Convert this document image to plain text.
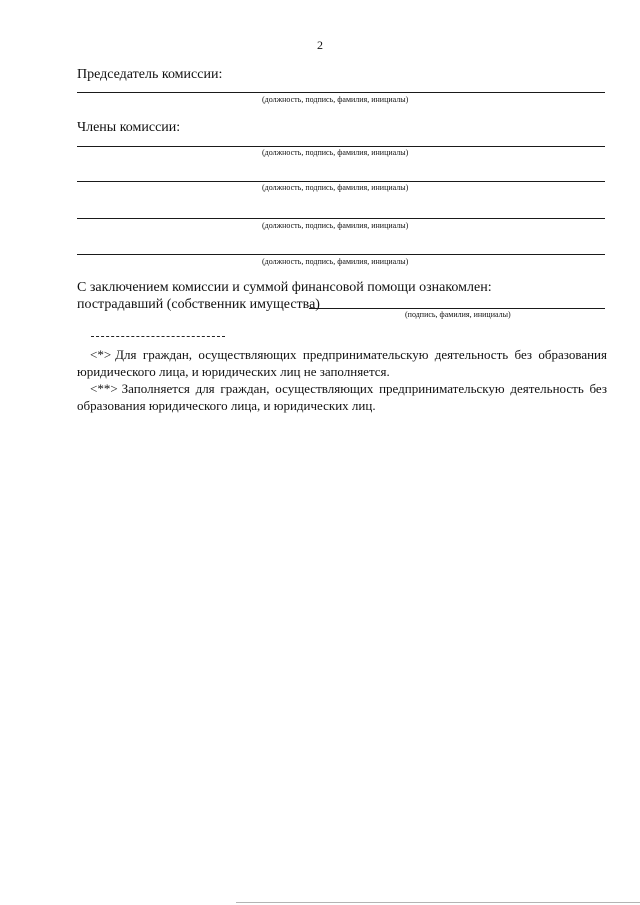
2
Председатель комиссии:
(должность, подпись, фамилия, инициалы)
Члены комиссии:
(должность, подпись, фамилия, инициалы)
(должность, подпись, фамилия, инициалы)
(должность, подпись, фамилия, инициалы)
(должность, подпись, фамилия, инициалы)
С заключением комиссии и суммой финансовой помощи ознакомлен:
пострадавший (собственник имущества)
(подпись, фамилия, инициалы)
<*> Для граждан, осуществляющих предпринимательскую деятельность без образования юридического лица, и юридических лиц не заполняется.
<**> Заполняется для граждан, осуществляющих предпринимательскую деятельность без образования юридического лица, и юридических лиц.
